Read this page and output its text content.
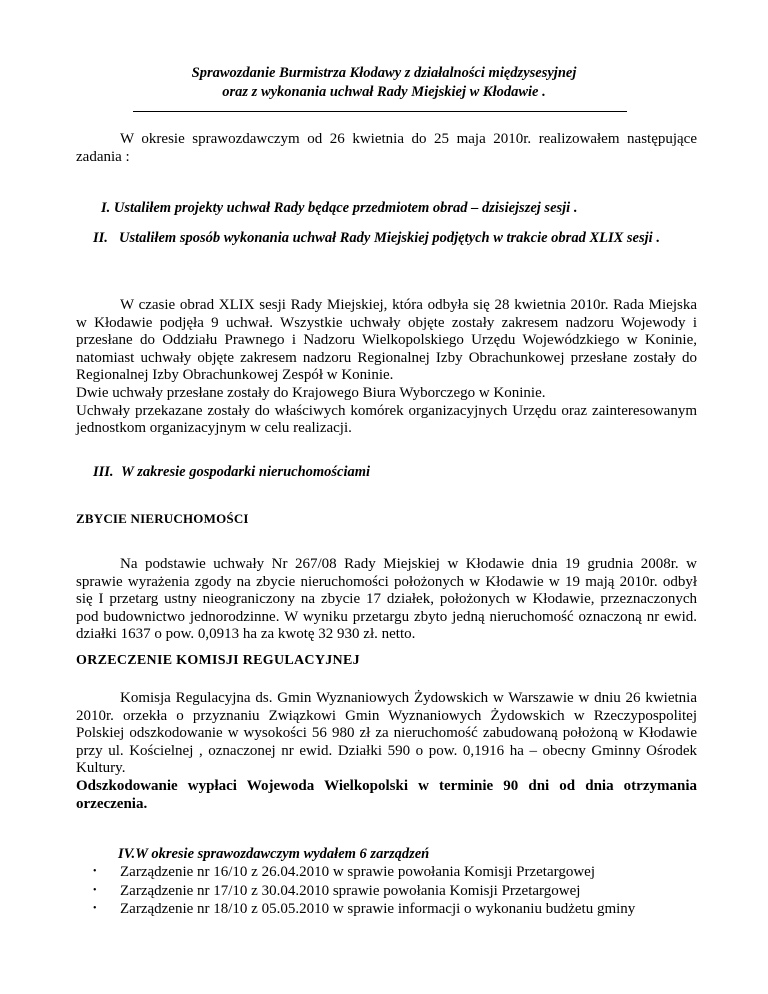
Sprawozdanie Burmistrza Kłodawy z działalności międzysesyjnej
oraz z wykonania uchwał Rady Miejskiej w Kłodawie .

W okresie sprawozdawczym od 26 kwietnia do 25 maja 2010r. realizowałem następujące zadania :

I. Ustaliłem projekty uchwał Rady będące przedmiotem obrad – dzisiejszej sesji .
II. Ustaliłem sposób wykonania uchwał Rady Miejskiej podjętych w trakcie obrad XLIX sesji .

W czasie obrad XLIX sesji Rady Miejskiej, która odbyła się 28 kwietnia 2010r. Rada Miejska w Kłodawie podjęła 9 uchwał. Wszystkie uchwały objęte zostały zakresem nadzoru Wojewody i przesłane do Oddziału Prawnego i Nadzoru Wielkopolskiego Urzędu Wojewódzkiego w Koninie, natomiast uchwały objęte zakresem nadzoru Regionalnej Izby Obrachunkowej przesłane zostały do Regionalnej Izby Obrachunkowej Zespół w Koninie.

Dwie uchwały przesłane zostały do Krajowego Biura Wyborczego w Koninie.

Uchwały przekazane zostały do właściwych komórek organizacyjnych Urzędu oraz zainteresowanym jednostkom organizacyjnym w celu realizacji.

III. W zakresie gospodarki nieruchomościami
ZBYCIE NIERUCHOMOŚCI

Na podstawie uchwały Nr 267/08 Rady Miejskiej w Kłodawie dnia 19 grudnia 2008r. w sprawie wyrażenia zgody na zbycie nieruchomości położonych w Kłodawie w 19 mają 2010r. odbył się I przetarg ustny nieograniczony na zbycie 17 działek, położonych w Kłodawie, przeznaczonych pod budownictwo jednorodzinne. W wyniku przetargu zbyto jedną nieruchomość oznaczoną nr ewid. działki 1637 o pow. 0,0913 ha za kwotę 32 930 zł. netto.

ORZECZENIE KOMISJI REGULACYJNEJ

Komisja Regulacyjna ds. Gmin Wyznaniowych Żydowskich w Warszawie w dniu 26 kwietnia 2010r. orzekła o przyznaniu Związkowi Gmin Wyznaniowych Żydowskich w Rzeczypospolitej Polskiej odszkodowanie w wysokości 56 980 zł za nieruchomość zabudowaną położoną w Kłodawie przy ul. Kościelnej , oznaczonej nr ewid. Działki 590 o pow. 0,1916 ha – obecny Gminny Ośrodek Kultury.

Odszkodowanie wypłaci Wojewoda Wielkopolski w terminie 90 dni od dnia otrzymania orzeczenia.

IV.W okresie sprawozdawczym wydałem 6 zarządzeń
• Zarządzenie nr 16/10 z 26.04.2010 w sprawie powołania Komisji Przetargowej
• Zarządzenie nr 17/10 z 30.04.2010 sprawie powołania Komisji Przetargowej
• Zarządzenie nr 18/10 z 05.05.2010 w sprawie informacji o wykonaniu budżetu gminy
